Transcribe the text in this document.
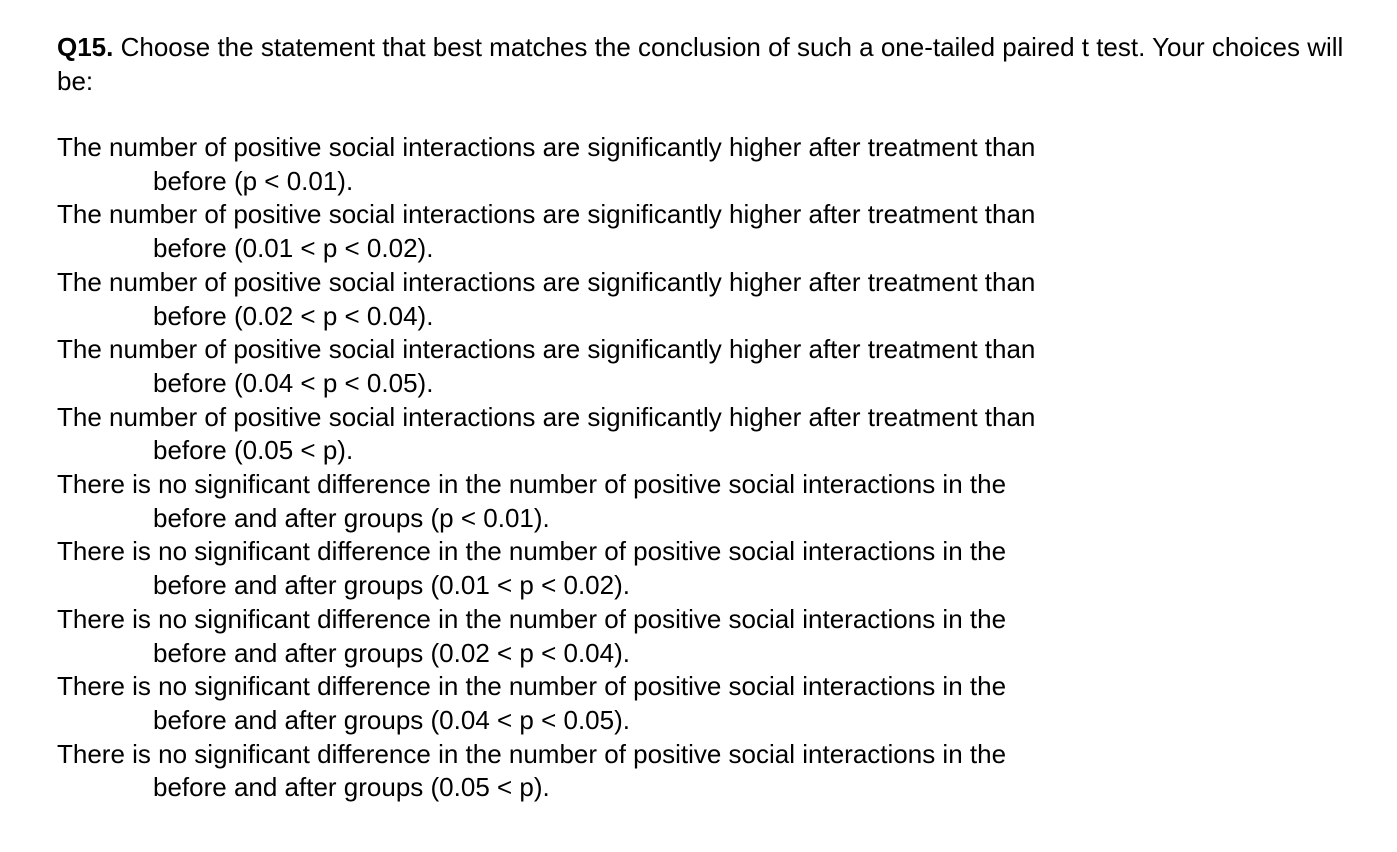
Q15. Choose the statement that best matches the conclusion of such a one-tailed paired t test. Your choices will be:

The number of positive social interactions are significantly higher after treatment than
before (p < 0.01).
The number of positive social interactions are significantly higher after treatment than
before (0.01 < p < 0.02).
The number of positive social interactions are significantly higher after treatment than
before (0.02 < p < 0.04).
The number of positive social interactions are significantly higher after treatment than
before (0.04 < p < 0.05).
The number of positive social interactions are significantly higher after treatment than
before (0.05 < p).
There is no significant difference in the number of positive social interactions in the
before and after groups (p < 0.01).
There is no significant difference in the number of positive social interactions in the
before and after groups (0.01 < p < 0.02).
There is no significant difference in the number of positive social interactions in the
before and after groups (0.02 < p < 0.04).
There is no significant difference in the number of positive social interactions in the
before and after groups (0.04 < p < 0.05).
There is no significant difference in the number of positive social interactions in the
before and after groups (0.05 < p).
